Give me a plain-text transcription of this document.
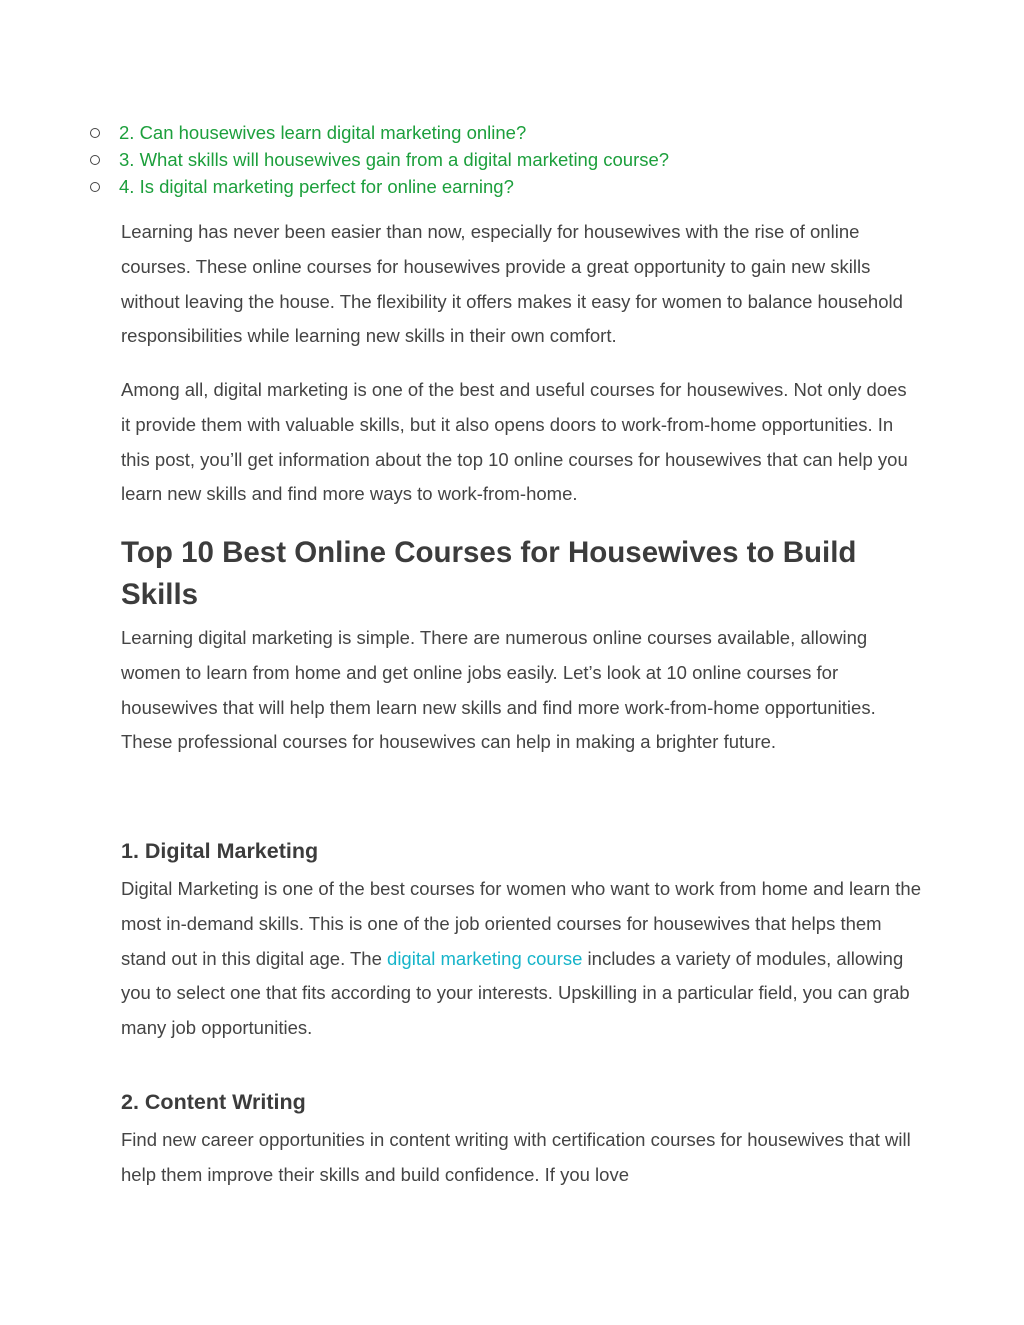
2. Can housewives learn digital marketing online?
3. What skills will housewives gain from a digital marketing course?
4. Is digital marketing perfect for online earning?

Learning has never been easier than now, especially for housewives with the rise of online courses. These online courses for housewives provide a great opportunity to gain new skills without leaving the house. The flexibility it offers makes it easy for women to balance household responsibilities while learning new skills in their own comfort.

Among all, digital marketing is one of the best and useful courses for housewives. Not only does it provide them with valuable skills, but it also opens doors to work-from-home opportunities. In this post, you’ll get information about the top 10 online courses for housewives that can help you learn new skills and find more ways to work-from-home.

Top 10 Best Online Courses for Housewives to Build Skills

Learning digital marketing is simple. There are numerous online courses available, allowing women to learn from home and get online jobs easily. Let’s look at 10 online courses for housewives that will help them learn new skills and find more work-from-home opportunities. These professional courses for housewives can help in making a brighter future.

1. Digital Marketing

Digital Marketing is one of the best courses for women who want to work from home and learn the most in-demand skills. This is one of the job oriented courses for housewives that helps them stand out in this digital age. The digital marketing course includes a variety of modules, allowing you to select one that fits according to your interests. Upskilling in a particular field, you can grab many job opportunities.

2. Content Writing

Find new career opportunities in content writing with certification courses for housewives that will help them improve their skills and build confidence. If you love
